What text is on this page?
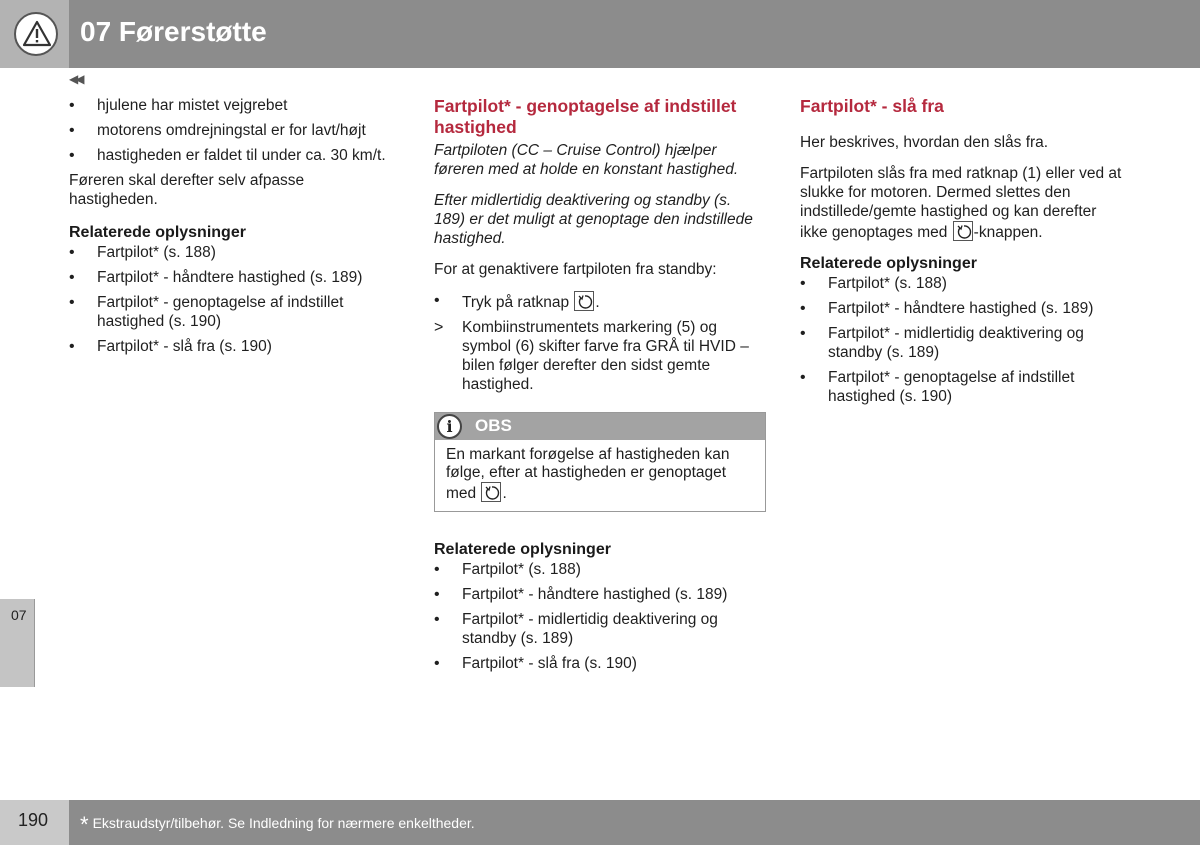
07 Førerstøtte
◀◀
07
• hjulene har mistet vejgrebet
• motorens omdrejningstal er for lavt/højt
• hastigheden er faldet til under ca. 30 km/t.

Føreren skal derefter selv afpasse hastigheden.

Relaterede oplysninger
• Fartpilot* (s. 188)
• Fartpilot* - håndtere hastighed (s. 189)
• Fartpilot* - genoptagelse af indstillet hastighed (s. 190)
• Fartpilot* - slå fra (s. 190)
Fartpilot* - genoptagelse af indstillet hastighed

Fartpiloten (CC – Cruise Control) hjælper føreren med at holde en konstant hastighed.

Efter midlertidig deaktivering og standby (s. 189) er det muligt at genoptage den indstillede hastighed.

For at genaktivere fartpiloten fra standby:

• Tryk på ratknap .
> Kombiinstrumentets markering (5) og symbol (6) skifter farve fra GRÅ til HVID – bilen følger derefter den sidst gemte hastighed.
i	OBS
En markant forøgelse af hastigheden kan følge, efter at hastigheden er genoptaget med .
Relaterede oplysninger
• Fartpilot* (s. 188)
• Fartpilot* - håndtere hastighed (s. 189)
• Fartpilot* - midlertidig deaktivering og standby (s. 189)
• Fartpilot* - slå fra (s. 190)
Fartpilot* - slå fra

Her beskrives, hvordan den slås fra.

Fartpiloten slås fra med ratknap (1) eller ved at slukke for motoren. Dermed slettes den indstillede/gemte hastighed og kan derefter ikke genoptages med -knappen.

Relaterede oplysninger
• Fartpilot* (s. 188)
• Fartpilot* - håndtere hastighed (s. 189)
• Fartpilot* - midlertidig deaktivering og standby (s. 189)
• Fartpilot* - genoptagelse af indstillet hastighed (s. 190)
190 * Ekstraudstyr/tilbehør. Se Indledning for nærmere enkeltheder.
